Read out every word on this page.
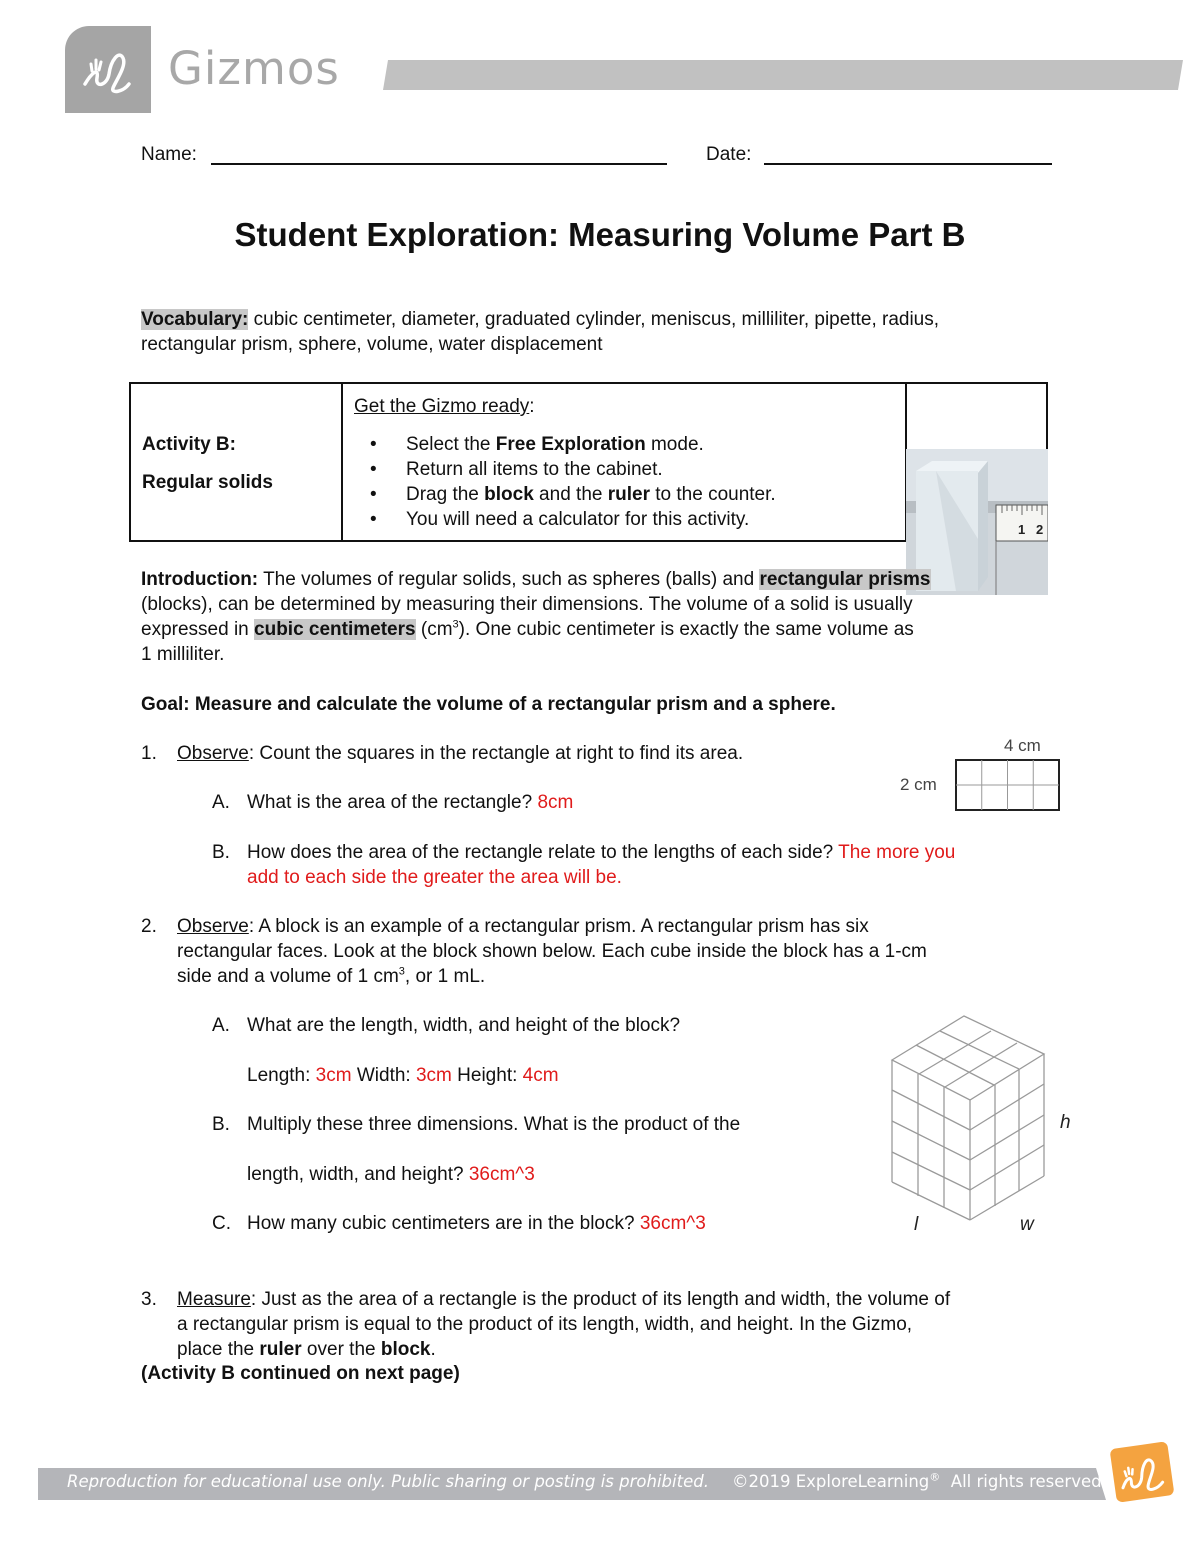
Gizmos
Name:	Date:
Student Exploration: Measuring Volume Part B
Vocabulary: cubic centimeter, diameter, graduated cylinder, meniscus, milliliter, pipette, radius,
rectangular prism, sphere, volume, water displacement
Activity B:
Regular solids
Get the Gizmo ready:
• Select the Free Exploration mode.
• Return all items to the cabinet.
• Drag the block and the ruler to the counter.
• You will need a calculator for this activity.	1 2
Introduction: The volumes of regular solids, such as spheres (balls) and rectangular prisms
(blocks), can be determined by measuring their dimensions. The volume of a solid is usually
expressed in cubic centimeters $(cm^3)$. One cubic centimeter is exactly the same volume as
1 milliliter.
Goal: Measure and calculate the volume of a rectangular prism and a sphere.
1. Observe: Count the squares in the rectangle at right to find its area.
A. What is the area of the rectangle? 8cm
B. How does the area of the rectangle relate to the lengths of each side? The more you
add to each side the greater the area will be.
4 cm
2 cm
2. Observe: A block is an example of a rectangular prism. A rectangular prism has six
rectangular faces. Look at the block shown below. Each cube inside the block has a 1-cm
side and a volume of 1 $cm^3$, or 1 mL.
A. What are the length, width, and height of the block?
Length: 3cm Width: 3cm Height: 4cm
B. Multiply these three dimensions. What is the product of the
length, width, and height? 36cm^3
C. How many cubic centimeters are in the block? 36cm^3	l	w
h
3. Measure: Just as the area of a rectangle is the product of its length and width, the volume of
a rectangular prism is equal to the product of its length, width, and height. In the Gizmo,
place the ruler over the block.
(Activity B continued on next page)
Reproduction for educational use only. Public sharing or posting is prohibited. ©2019 ExploreLearning®  All rights reserved
